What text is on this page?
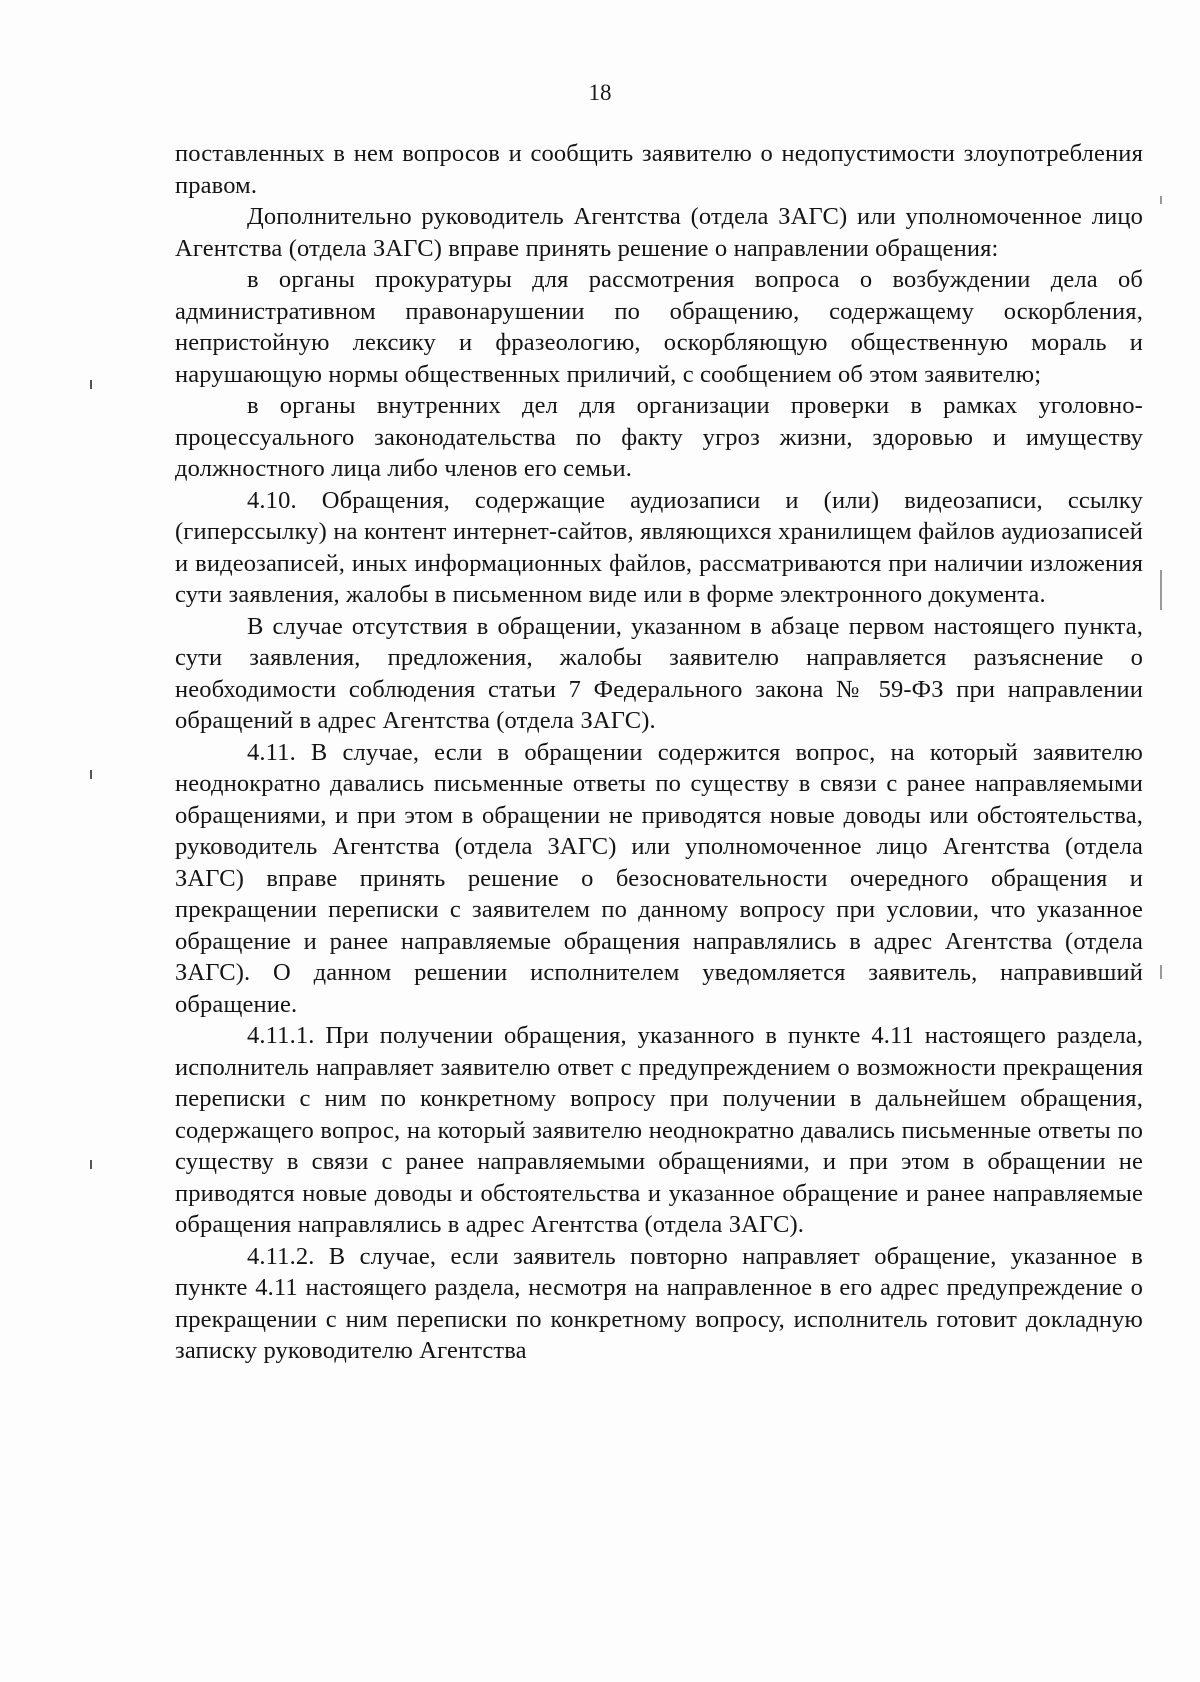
18

поставленных в нем вопросов и сообщить заявителю о недопустимости злоупотребления правом.

Дополнительно руководитель Агентства (отдела ЗАГС) или уполномоченное лицо Агентства (отдела ЗАГС) вправе принять решение о направлении обращения:

в органы прокуратуры для рассмотрения вопроса о возбуждении дела об административном правонарушении по обращению, содержащему оскорбления, непристойную лексику и фразеологию, оскорбляющую общественную мораль и нарушающую нормы общественных приличий, с сообщением об этом заявителю;

в органы внутренних дел для организации проверки в рамках уголовно-процессуального законодательства по факту угроз жизни, здоровью и имуществу должностного лица либо членов его семьи.

4.10. Обращения, содержащие аудиозаписи и (или) видеозаписи, ссылку (гиперссылку) на контент интернет-сайтов, являющихся хранилищем файлов аудиозаписей и видеозаписей, иных информационных файлов, рассматриваются при наличии изложения сути заявления, жалобы в письменном виде или в форме электронного документа.

В случае отсутствия в обращении, указанном в абзаце первом настоящего пункта, сути заявления, предложения, жалобы заявителю направляется разъяснение о необходимости соблюдения статьи 7 Федерального закона № 59-ФЗ при направлении обращений в адрес Агентства (отдела ЗАГС).

4.11. В случае, если в обращении содержится вопрос, на который заявителю неоднократно давались письменные ответы по существу в связи с ранее направляемыми обращениями, и при этом в обращении не приводятся новые доводы или обстоятельства, руководитель Агентства (отдела ЗАГС) или уполномоченное лицо Агентства (отдела ЗАГС) вправе принять решение о безосновательности очередного обращения и прекращении переписки с заявителем по данному вопросу при условии, что указанное обращение и ранее направляемые обращения направлялись в адрес Агентства (отдела ЗАГС). О данном решении исполнителем уведомляется заявитель, направивший обращение.

4.11.1. При получении обращения, указанного в пункте 4.11 настоящего раздела, исполнитель направляет заявителю ответ с предупреждением о возможности прекращения переписки с ним по конкретному вопросу при получении в дальнейшем обращения, содержащего вопрос, на который заявителю неоднократно давались письменные ответы по существу в связи с ранее направляемыми обращениями, и при этом в обращении не приводятся новые доводы и обстоятельства и указанное обращение и ранее направляемые обращения направлялись в адрес Агентства (отдела ЗАГС).

4.11.2. В случае, если заявитель повторно направляет обращение, указанное в пункте 4.11 настоящего раздела, несмотря на направленное в его адрес предупреждение о прекращении с ним переписки по конкретному вопросу, исполнитель готовит докладную записку руководителю Агентства
